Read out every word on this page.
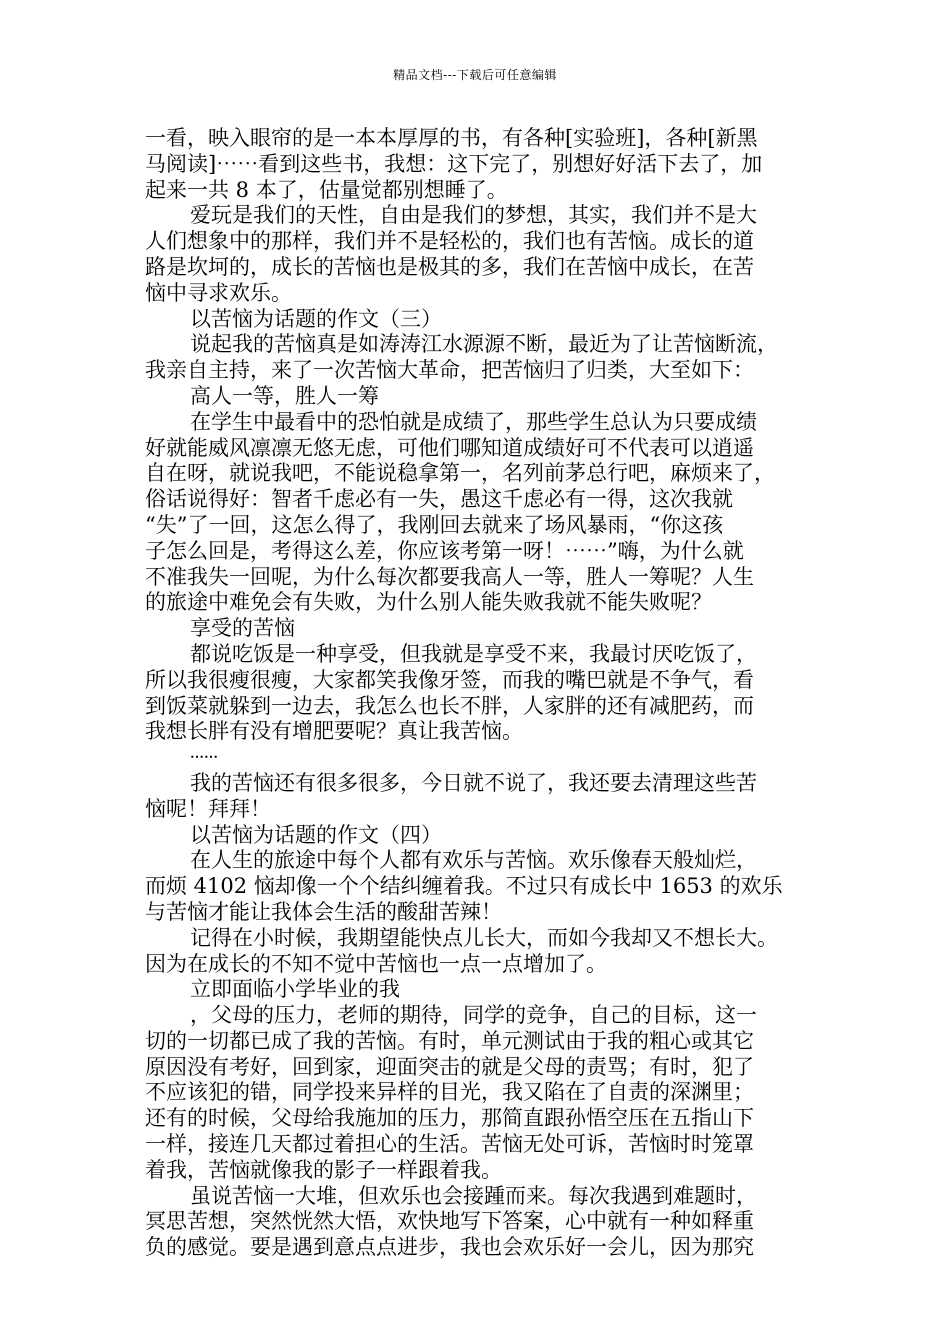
精品文档---下载后可任意编辑
一看，映入眼帘的是一本本厚厚的书，有各种[实验班]，各种[新黑
马阅读]⋯⋯看到这些书，我想：这下完了，别想好好活下去了，加
起来一共 8 本了，估量觉都别想睡了。
爱玩是我们的天性，自由是我们的梦想，其实，我们并不是大
人们想象中的那样，我们并不是轻松的，我们也有苦恼。成长的道
路是坎坷的，成长的苦恼也是极其的多，我们在苦恼中成长，在苦
恼中寻求欢乐。
以苦恼为话题的作文（三）
说起我的苦恼真是如涛涛江水源源不断，最近为了让苦恼断流，
我亲自主持，来了一次苦恼大革命，把苦恼归了归类，大至如下：
高人一等，胜人一筹
在学生中最看中的恐怕就是成绩了，那些学生总认为只要成绩
好就能威风凛凛无悠无虑，可他们哪知道成绩好可不代表可以逍遥
自在呀，就说我吧，不能说稳拿第一，名列前茅总行吧，麻烦来了，
俗话说得好：智者千虑必有一失，愚这千虑必有一得，这次我就
“失”了一回，这怎么得了，我刚回去就来了场风暴雨，“你这孩
子怎么回是，考得这么差，你应该考第一呀！⋯⋯”嗨，为什么就
不准我失一回呢，为什么每次都要我高人一等，胜人一筹呢？人生
的旅途中难免会有失败，为什么别人能失败我就不能失败呢？
享受的苦恼
都说吃饭是一种享受，但我就是享受不来，我最讨厌吃饭了，
所以我很瘦很瘦，大家都笑我像牙签，而我的嘴巴就是不争气，看
到饭菜就躲到一边去，我怎么也长不胖，人家胖的还有减肥药，而
我想长胖有没有增肥要呢？真让我苦恼。
⋯⋯
我的苦恼还有很多很多，今日就不说了，我还要去清理这些苦
恼呢！拜拜！
以苦恼为话题的作文（四）
在人生的旅途中每个人都有欢乐与苦恼。欢乐像春天般灿烂，
而烦 4102 恼却像一个个结纠缠着我。不过只有成长中 1653 的欢乐
与苦恼才能让我体会生活的酸甜苦辣！
记得在小时候，我期望能快点儿长大，而如今我却又不想长大。
因为在成长的不知不觉中苦恼也一点一点增加了。
立即面临小学毕业的我
，父母的压力，老师的期待，同学的竞争，自己的目标，这一
切的一切都已成了我的苦恼。有时，单元测试由于我的粗心或其它
原因没有考好，回到家，迎面突击的就是父母的责骂；有时，犯了
不应该犯的错，同学投来异样的目光，我又陷在了自责的深渊里；
还有的时候，父母给我施加的压力，那简直跟孙悟空压在五指山下
一样，接连几天都过着担心的生活。苦恼无处可诉，苦恼时时笼罩
着我，苦恼就像我的影子一样跟着我。
虽说苦恼一大堆，但欢乐也会接踵而来。每次我遇到难题时，
冥思苦想，突然恍然大悟，欢快地写下答案，心中就有一种如释重
负的感觉。要是遇到意点点进步，我也会欢乐好一会儿，因为那究
